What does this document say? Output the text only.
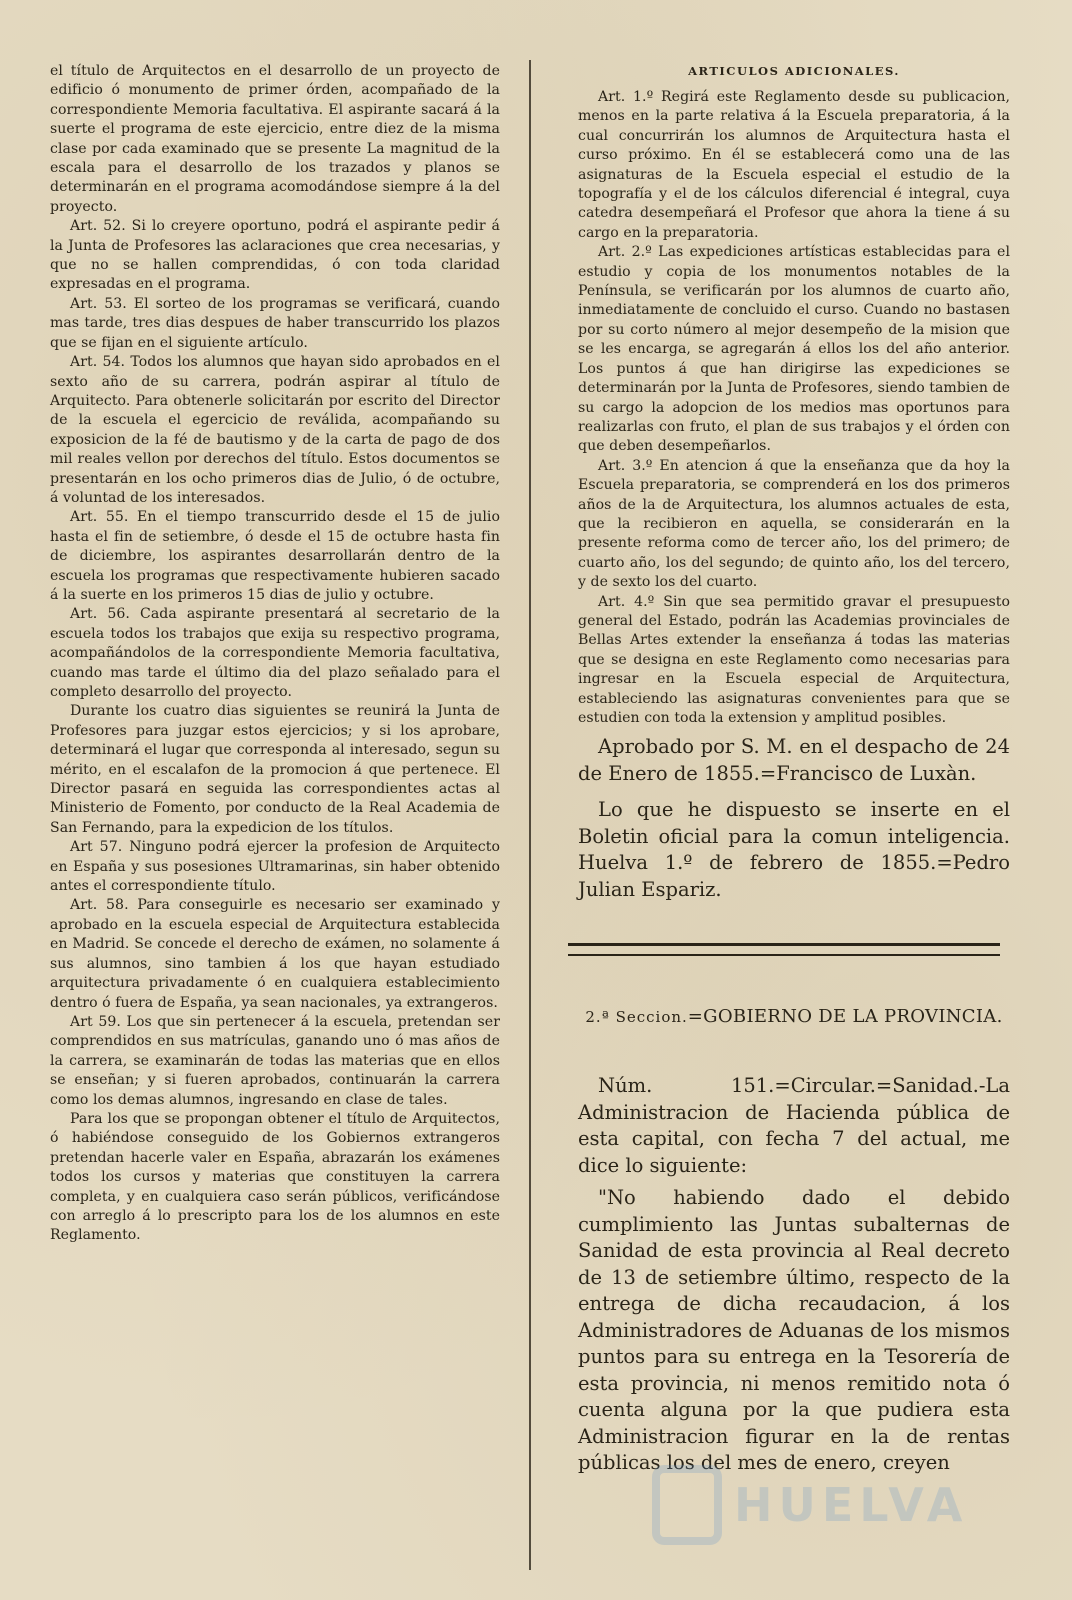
el título de Arquitectos en el desarrollo de un proyecto de edificio ó monumento de primer órden, acompañado de la correspondiente Memoria facultativa. El aspirante sacará á la suerte el programa de este ejercicio, entre diez de la misma clase por cada examinado que se presente La magnitud de la escala para el desarrollo de los trazados y planos se determinarán en el programa acomodándose siempre á la del proyecto.

Art. 52. Si lo creyere oportuno, podrá el aspirante pedir á la Junta de Profesores las aclaraciones que crea necesarias, y que no se hallen comprendidas, ó con toda claridad expresadas en el programa.

Art. 53. El sorteo de los programas se verificará, cuando mas tarde, tres dias despues de haber transcurrido los plazos que se fijan en el siguiente artículo.

Art. 54. Todos los alumnos que hayan sido aprobados en el sexto año de su carrera, podrán aspirar al título de Arquitecto. Para obtenerle solicitarán por escrito del Director de la escuela el egercicio de reválida, acompañando su exposicion de la fé de bautismo y de la carta de pago de dos mil reales vellon por derechos del título. Estos documentos se presentarán en los ocho primeros dias de Julio, ó de octubre, á voluntad de los interesados.

Art. 55. En el tiempo transcurrido desde el 15 de julio hasta el fin de setiembre, ó desde el 15 de octubre hasta fin de diciembre, los aspirantes desarrollarán dentro de la escuela los programas que respectivamente hubieren sacado á la suerte en los primeros 15 dias de julio y octubre.

Art. 56. Cada aspirante presentará al secretario de la escuela todos los trabajos que exija su respectivo programa, acompañándolos de la correspondiente Memoria facultativa, cuando mas tarde el último dia del plazo señalado para el completo desarrollo del proyecto.

Durante los cuatro dias siguientes se reunirá la Junta de Profesores para juzgar estos ejercicios; y si los aprobare, determinará el lugar que corresponda al interesado, segun su mérito, en el escalafon de la promocion á que pertenece. El Director pasará en seguida las correspondientes actas al Ministerio de Fomento, por conducto de la Real Academia de San Fernando, para la expedicion de los títulos.

Art 57. Ninguno podrá ejercer la profesion de Arquitecto en España y sus posesiones Ultramarinas, sin haber obtenido antes el correspondiente título.

Art. 58. Para conseguirle es necesario ser examinado y aprobado en la escuela especial de Arquitectura establecida en Madrid. Se concede el derecho de exámen, no solamente á sus alumnos, sino tambien á los que hayan estudiado arquitectura privadamente ó en cualquiera establecimiento dentro ó fuera de España, ya sean nacionales, ya extrangeros.

Art 59. Los que sin pertenecer á la escuela, pretendan ser comprendidos en sus matrículas, ganando uno ó mas años de la carrera, se examinarán de todas las materias que en ellos se enseñan; y si fueren aprobados, continuarán la carrera como los demas alumnos, ingresando en clase de tales.

Para los que se propongan obtener el título de Arquitectos, ó habiéndose conseguido de los Gobiernos extrangeros pretendan hacerle valer en España, abrazarán los exámenes todos los cursos y materias que constituyen la carrera completa, y en cualquiera caso serán públicos, verificándose con arreglo á lo prescripto para los de los alumnos en este Reglamento.

ARTICULOS ADICIONALES.

Art. 1.º Regirá este Reglamento desde su publicacion, menos en la parte relativa á la Escuela preparatoria, á la cual concurrirán los alumnos de Arquitectura hasta el curso próximo. En él se establecerá como una de las asignaturas de la Escuela especial el estudio de la topografía y el de los cálculos diferencial é integral, cuya catedra desempeñará el Profesor que ahora la tiene á su cargo en la preparatoria.

Art. 2.º Las expediciones artísticas establecidas para el estudio y copia de los monumentos notables de la Península, se verificarán por los alumnos de cuarto año, inmediatamente de concluido el curso. Cuando no bastasen por su corto número al mejor desempeño de la mision que se les encarga, se agregarán á ellos los del año anterior. Los puntos á que han dirigirse las expediciones se determinarán por la Junta de Profesores, siendo tambien de su cargo la adopcion de los medios mas oportunos para realizarlas con fruto, el plan de sus trabajos y el órden con que deben desempeñarlos.

Art. 3.º En atencion á que la enseñanza que da hoy la Escuela preparatoria, se comprenderá en los dos primeros años de la de Arquitectura, los alumnos actuales de esta, que la recibieron en aquella, se considerarán en la presente reforma como de tercer año, los del primero; de cuarto año, los del segundo; de quinto año, los del tercero, y de sexto los del cuarto.

Art. 4.º Sin que sea permitido gravar el presupuesto general del Estado, podrán las Academias provinciales de Bellas Artes extender la enseñanza á todas las materias que se designa en este Reglamento como necesarias para ingresar en la Escuela especial de Arquitectura, estableciendo las asignaturas convenientes para que se estudien con toda la extension y amplitud posibles.

Aprobado por S. M. en el despacho de 24 de Enero de 1855.=Francisco de Luxàn.

Lo que he dispuesto se inserte en el Boletin oficial para la comun inteligencia. Huelva 1.º de febrero de 1855.=Pedro Julian Espariz.

2.ª Seccion.=GOBIERNO DE LA PROVINCIA.

Núm. 151.=Circular.=Sanidad.-La Administracion de Hacienda pública de esta capital, con fecha 7 del actual, me dice lo siguiente:

"No habiendo dado el debido cumplimiento las Juntas subalternas de Sanidad de esta provincia al Real decreto de 13 de setiembre último, respecto de la entrega de dicha recaudacion, á los Administradores de Aduanas de los mismos puntos para su entrega en la Tesorería de esta provincia, ni menos remitido nota ó cuenta alguna por la que pudiera esta Administracion figurar en la de rentas públicas los del mes de enero, creyen

HUELVA
